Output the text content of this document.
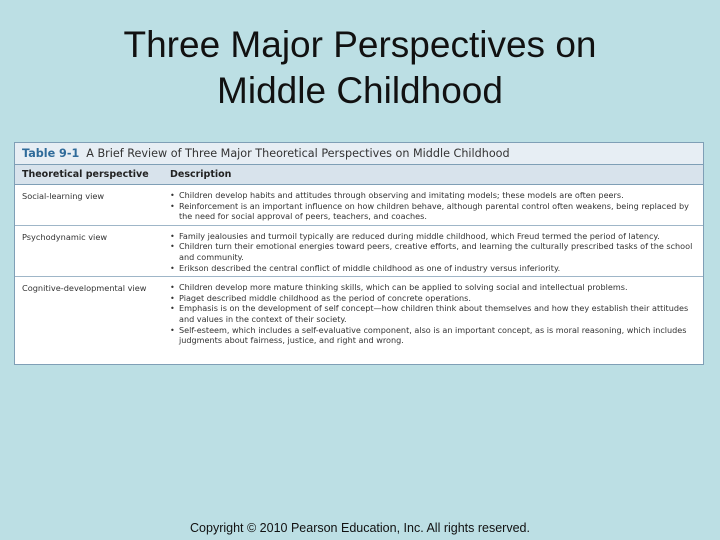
Three Major Perspectives on
Middle Childhood
Table 9-1 A Brief Review of Three Major Theoretical Perspectives on Middle Childhood
Theoretical perspective	Description
Social-learning view	• Children develop habits and attitudes through observing and imitating models; these models are often peers.
• Reinforcement is an important influence on how children behave, although parental control often weakens, being replaced by the need for social approval of peers, teachers, and coaches.
Psychodynamic view	• Family jealousies and turmoil typically are reduced during middle childhood, which Freud termed the period of latency.
• Children turn their emotional energies toward peers, creative efforts, and learning the culturally prescribed tasks of the school and community.
• Erikson described the central conflict of middle childhood as one of industry versus inferiority.
Cognitive-developmental view	• Children develop more mature thinking skills, which can be applied to solving social and intellectual problems.
• Piaget described middle childhood as the period of concrete operations.
• Emphasis is on the development of self concept—how children think about themselves and how they establish their attitudes and values in the context of their society.
• Self-esteem, which includes a self-evaluative component, also is an important concept, as is moral reasoning, which includes judgments about fairness, justice, and right and wrong.
Copyright © 2010 Pearson Education, Inc. All rights reserved.
